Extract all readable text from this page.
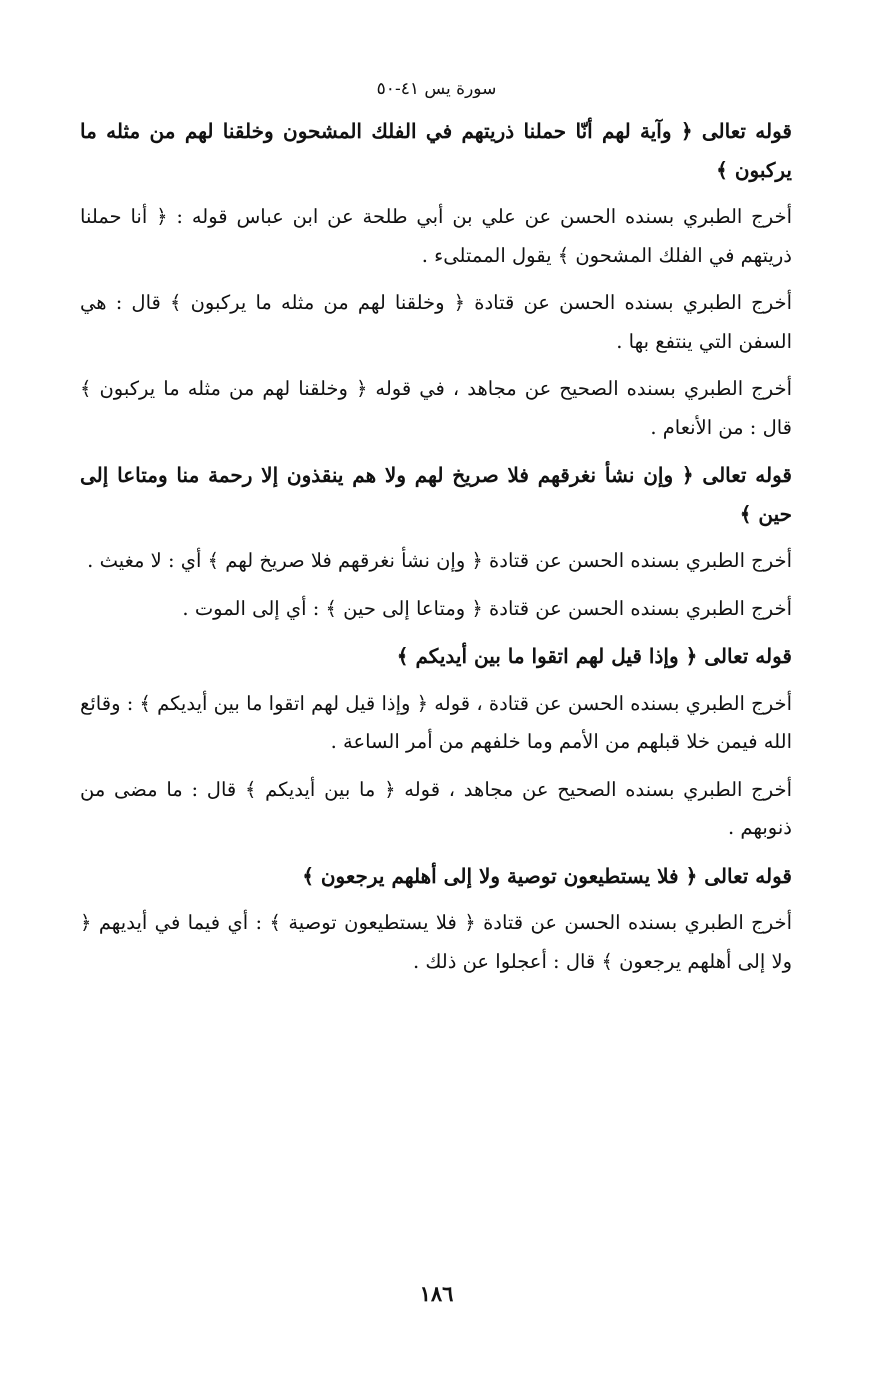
سورة يس ٤١-٥٠

قوله تعالى ﴿ وآية لهم أنّا حملنا ذريتهم في الفلك المشحون وخلقنا لهم من مثله ما يركبون ﴾

أخرج الطبري بسنده الحسن عن علي بن أبي طلحة عن ابن عباس قوله : ﴿ أنا حملنا ذريتهم في الفلك المشحون ﴾ يقول الممتلىء .

أخرج الطبري بسنده الحسن عن قتادة ﴿ وخلقنا لهم من مثله ما يركبون ﴾ قال : هي السفن التي ينتفع بها .

أخرج الطبري بسنده الصحيح عن مجاهد ، في قوله ﴿ وخلقنا لهم من مثله ما يركبون ﴾ قال : من الأنعام .

قوله تعالى ﴿ وإن نشأ نغرقهم فلا صريخ لهم ولا هم ينقذون إلا رحمة منا ومتاعا إلى حين ﴾

أخرج الطبري بسنده الحسن عن قتادة ﴿ وإن نشأ نغرقهم فلا صريخ لهم ﴾ أي : لا مغيث .

أخرج الطبري بسنده الحسن عن قتادة ﴿ ومتاعا إلى حين ﴾ : أي إلى الموت .

قوله تعالى ﴿ وإذا قيل لهم اتقوا ما بين أيديكم ﴾

أخرج الطبري بسنده الحسن عن قتادة ، قوله ﴿ وإذا قيل لهم اتقوا ما بين أيديكم ﴾ : وقائع الله فيمن خلا قبلهم من الأمم وما خلفهم من أمر الساعة .

أخرج الطبري بسنده الصحيح عن مجاهد ، قوله ﴿ ما بين أيديكم ﴾ قال : ما مضى من ذنوبهم .

قوله تعالى ﴿ فلا يستطيعون توصية ولا إلى أهلهم يرجعون ﴾

أخرج الطبري بسنده الحسن عن قتادة ﴿ فلا يستطيعون توصية ﴾ : أي فيما في أيديهم ﴿ ولا إلى أهلهم يرجعون ﴾ قال : أعجلوا عن ذلك .

١٨٦
